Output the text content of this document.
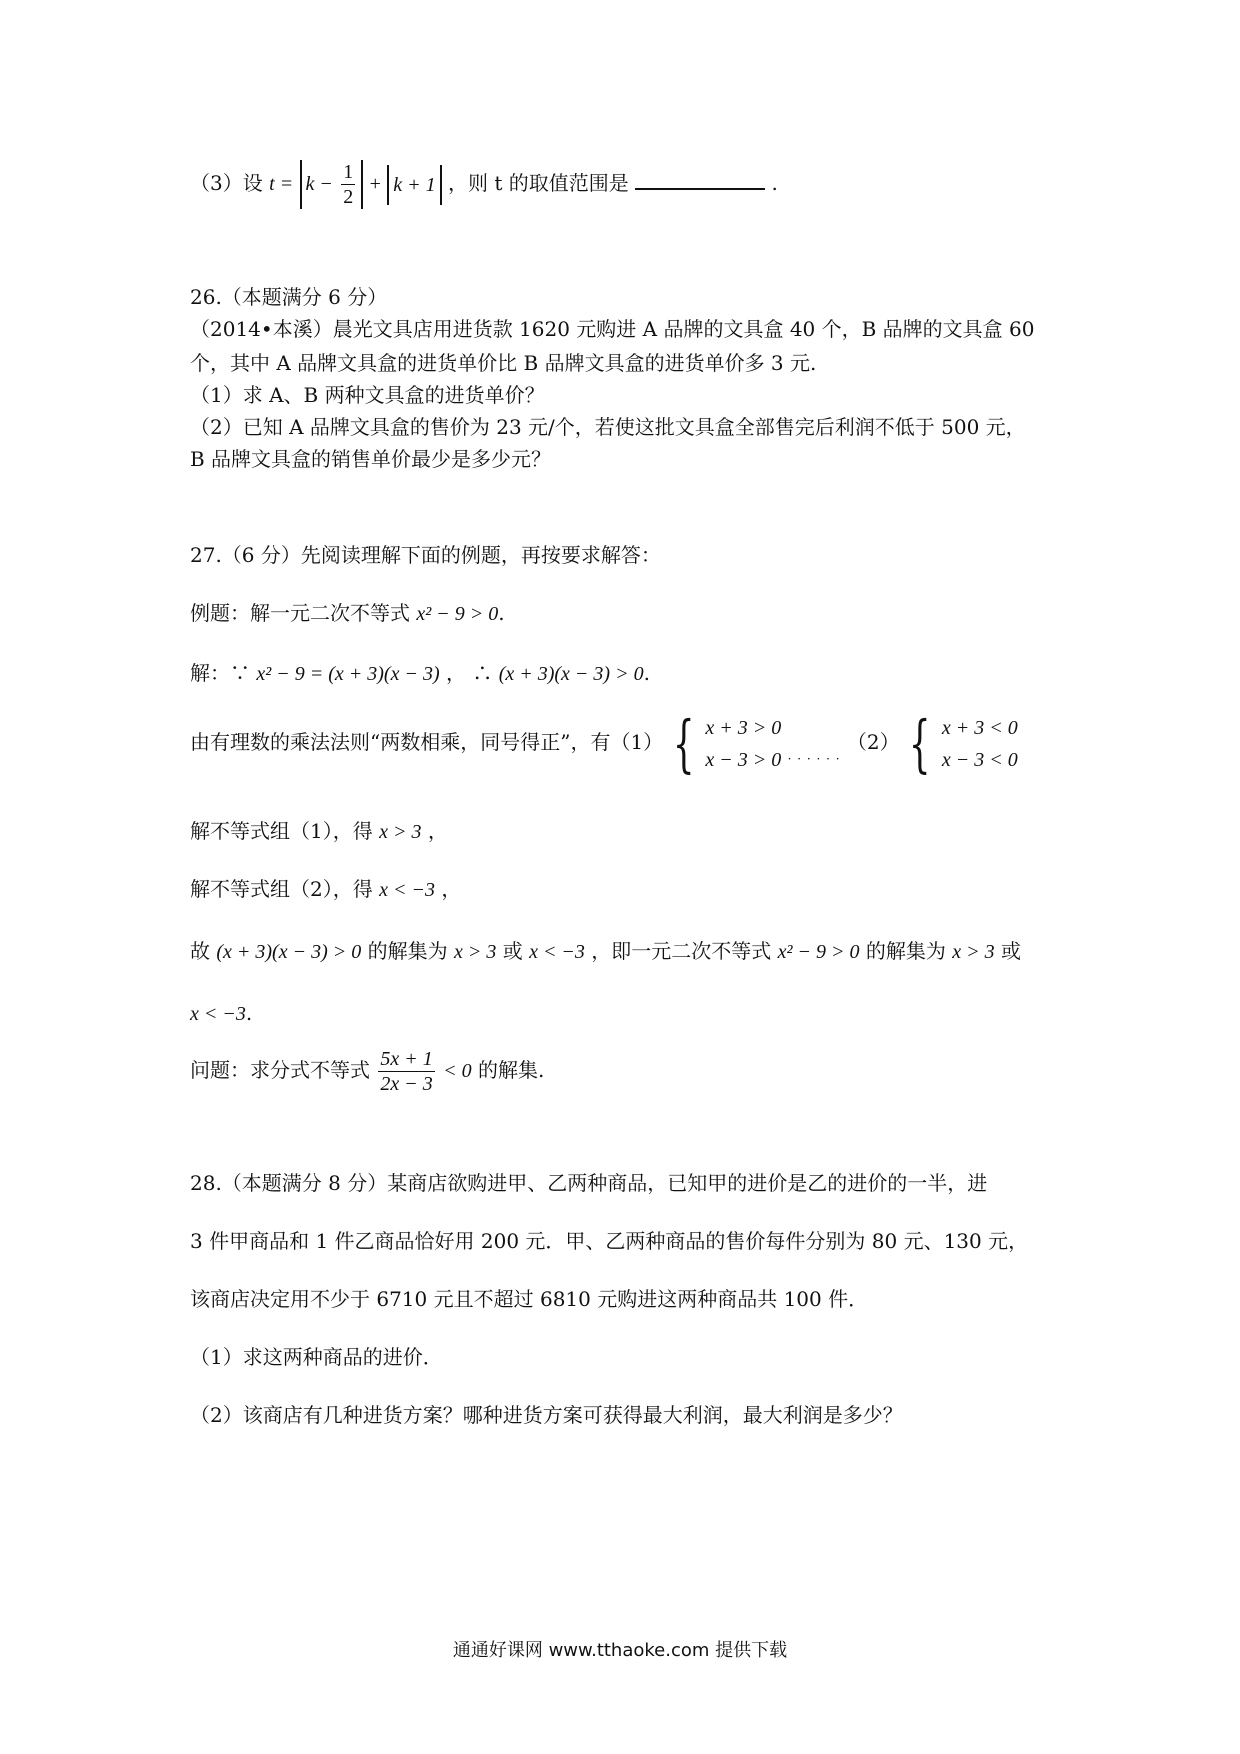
（3）设 $t = k - \frac{1}{2} + k + 1$ ，则 t 的取值范围是	.
26.（本题满分 6 分）
（2014•本溪）晨光文具店用进货款 1620 元购进 A 品牌的文具盒 40 个，B 品牌的文具盒 60
个，其中 A 品牌文具盒的进货单价比 B 品牌文具盒的进货单价多 3 元.
（1）求 A、B 两种文具盒的进货单价？
（2）已知 A 品牌文具盒的售价为 23 元/个，若使这批文具盒全部售完后利润不低于 500 元，
B 品牌文具盒的销售单价最少是多少元？
27.（6 分）先阅读理解下面的例题，再按要求解答：
例题：解一元二次不等式 x² − 9 > 0.
解：∵ x² − 9 = (x + 3)(x − 3) ， ∴ (x + 3)(x − 3) > 0.
由有理数的乘法法则“两数相乘，同号得正”，有（1） { x + 3 > 0
x − 3 > 0 $_{\cdot \cdot \cdot \cdot \cdot \cdot}$ （2） { x + 3 < 0
x − 3 < 0
解不等式组（1），得 x > 3 ，
解不等式组（2），得 x < −3 ，
故 (x + 3)(x − 3) > 0 的解集为 x > 3 或 x < −3 ，即一元二次不等式 x² − 9 > 0 的解集为 x > 3 或
x < −3.
问题：求分式不等式 $\frac{5x + 1}{2x - 3} < 0$ 的解集.
28.（本题满分 8 分）某商店欲购进甲、乙两种商品，已知甲的进价是乙的进价的一半，进
3 件甲商品和 1 件乙商品恰好用 200 元．甲、乙两种商品的售价每件分别为 80 元、130 元，
该商店决定用不少于 6710 元且不超过 6810 元购进这两种商品共 100 件．
（1）求这两种商品的进价．
（2）该商店有几种进货方案？哪种进货方案可获得最大利润，最大利润是多少？
通通好课网 www.tthaoke.com 提供下载
